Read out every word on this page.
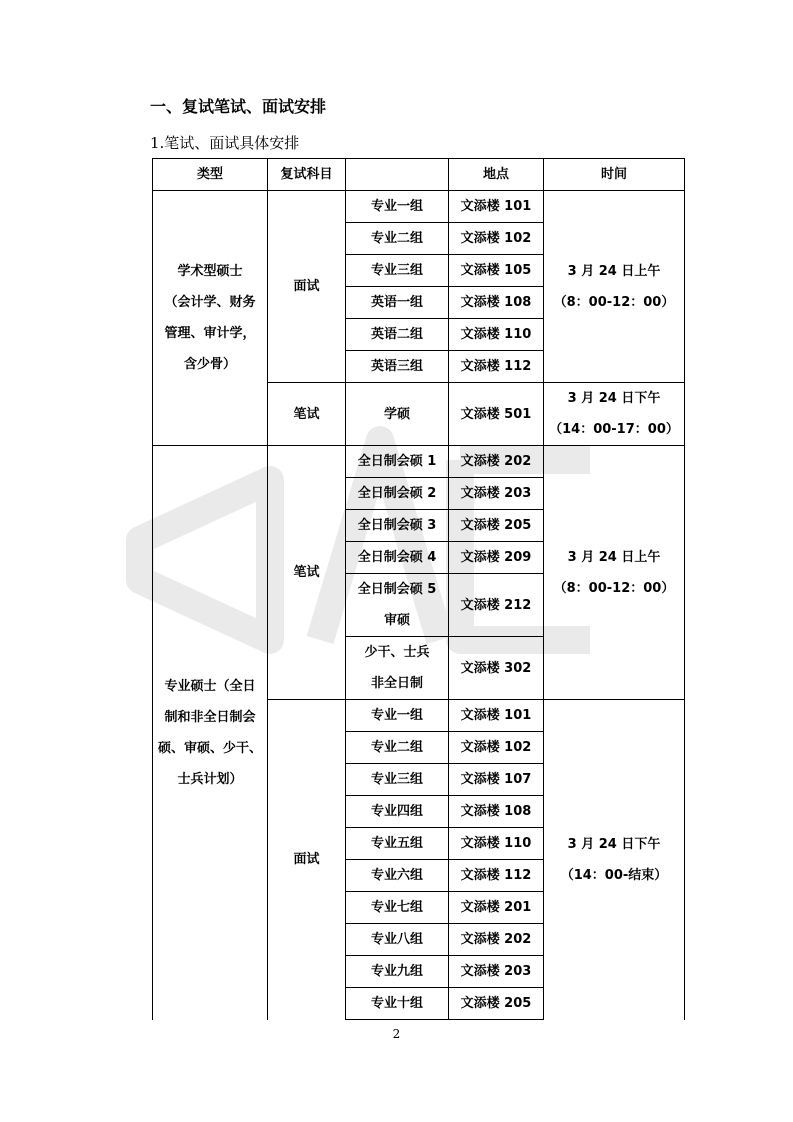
一、复试笔试、面试安排
1.笔试、面试具体安排
类型	复试科目		地点	时间

学术型硕士
（会计学、财务
管理、审计学，
含少骨）	面试	专业一组	文添楼 101	3 月 24 日上午
（8：00-12：00）

		专业二组	文添楼 102	
		专业三组	文添楼 105	
		英语一组	文添楼 108	
		英语二组	文添楼 110	
		英语三组	文添楼 112	
	笔试	学硕	文添楼 501	3 月 24 日下午
（14：00-17：00）

专业硕士（全日
制和非全日制会
硕、审硕、少干、
士兵计划）	笔试	全日制会硕 1	文添楼 202	3 月 24 日上午
（8：00-12：00）

		全日制会硕 2	文添楼 203	
		全日制会硕 3	文添楼 205	
		全日制会硕 4	文添楼 209	

		全日制会硕 5
审硕	文添楼 212	

		少干、士兵
非全日制	文添楼 302	
	面试	专业一组	文添楼 101	3 月 24 日下午
（14：00-结束）

		专业二组	文添楼 102	
		专业三组	文添楼 107	
		专业四组	文添楼 108	
		专业五组	文添楼 110	
		专业六组	文添楼 112	
		专业七组	文添楼 201	
		专业八组	文添楼 202	
		专业九组	文添楼 203	
		专业十组	文添楼 205	
2
